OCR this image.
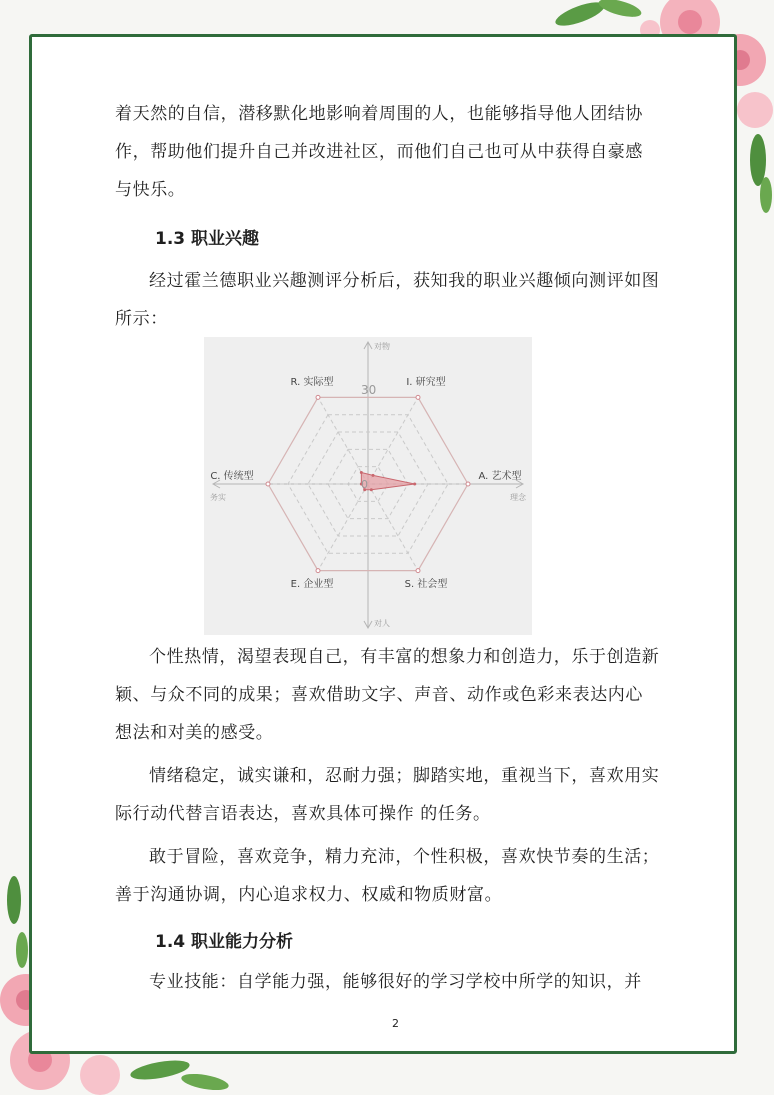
着天然的自信，潜移默化地影响着周围的人，也能够指导他人团结协作，帮助他们提升自己并改进社区，而他们自己也可从中获得自豪感与快乐。

1.3 职业兴趣

经过霍兰德职业兴趣测评分析后，获知我的职业兴趣倾向测评如图所示：

R. 实际型	I. 研究型
A. 艺术型
S. 社会型
E. 企业型
C. 传统型
30
0
对物
对人
务实	理念

个性热情，渴望表现自己，有丰富的想象力和创造力，乐于创造新颖、与众不同的成果；喜欢借助文字、声音、动作或色彩来表达内心想法和对美的感受。

情绪稳定，诚实谦和，忍耐力强；脚踏实地，重视当下，喜欢用实际行动代替言语表达，喜欢具体可操作 的任务。

敢于冒险，喜欢竞争，精力充沛，个性积极，喜欢快节奏的生活；善于沟通协调，内心追求权力、权威和物质财富。

1.4 职业能力分析

专业技能：自学能力强，能够很好的学习学校中所学的知识，并

2
